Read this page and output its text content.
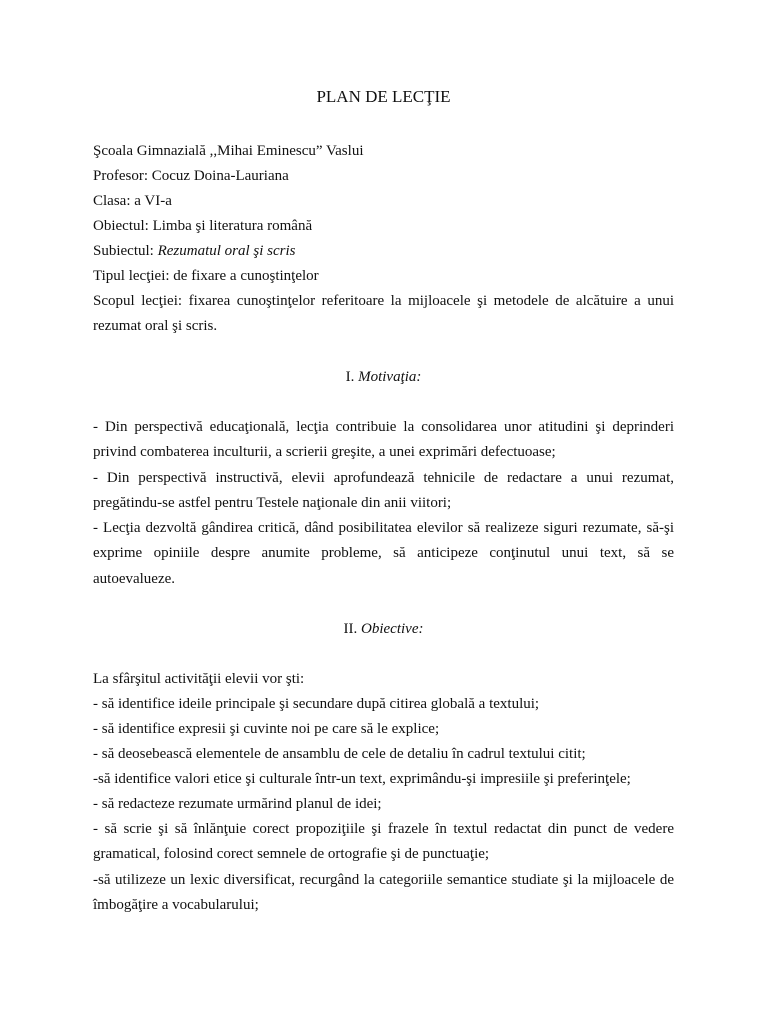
PLAN DE LECŢIE

Şcoala Gimnazială ,,Mihai Eminescu” Vaslui

Profesor: Cocuz Doina-Lauriana

Clasa: a VI-a

Obiectul: Limba şi literatura română

Subiectul: Rezumatul oral şi scris

Tipul lecţiei: de fixare a cunoştinţelor

Scopul lecţiei: fixarea cunoştinţelor referitoare la mijloacele şi metodele de alcătuire a unui rezumat oral şi scris.

I. Motivaţia:

- Din perspectivă educaţională, lecţia contribuie la consolidarea unor atitudini şi deprinderi privind combaterea inculturii, a scrierii greşite, a unei exprimări defectuoase;

- Din perspectivă instructivă, elevii aprofundează tehnicile de redactare a unui rezumat, pregătindu-se astfel pentru Testele naţionale din anii viitori;

- Lecţia dezvoltă gândirea critică, dând posibilitatea elevilor să realizeze siguri rezumate, să-şi exprime opiniile despre anumite probleme, să anticipeze conţinutul unui text, să se autoevalueze.

II. Obiective:

La sfârşitul activităţii elevii vor şti:

- să identifice ideile principale şi secundare după citirea globală a textului;

- să identifice expresii şi cuvinte noi pe care să le explice;

- să deosebească elementele de ansamblu de cele de detaliu în cadrul textului citit;

-să identifice valori etice şi culturale într-un text, exprimându-şi impresiile şi preferinţele;

- să redacteze rezumate urmărind planul de idei;

- să scrie şi să înlănţuie corect propoziţiile şi frazele în textul redactat din punct de vedere gramatical, folosind corect semnele de ortografie şi de punctuaţie;

-să utilizeze un lexic diversificat, recurgând la categoriile semantice studiate şi la mijloacele de îmbogăţire a vocabularului;
